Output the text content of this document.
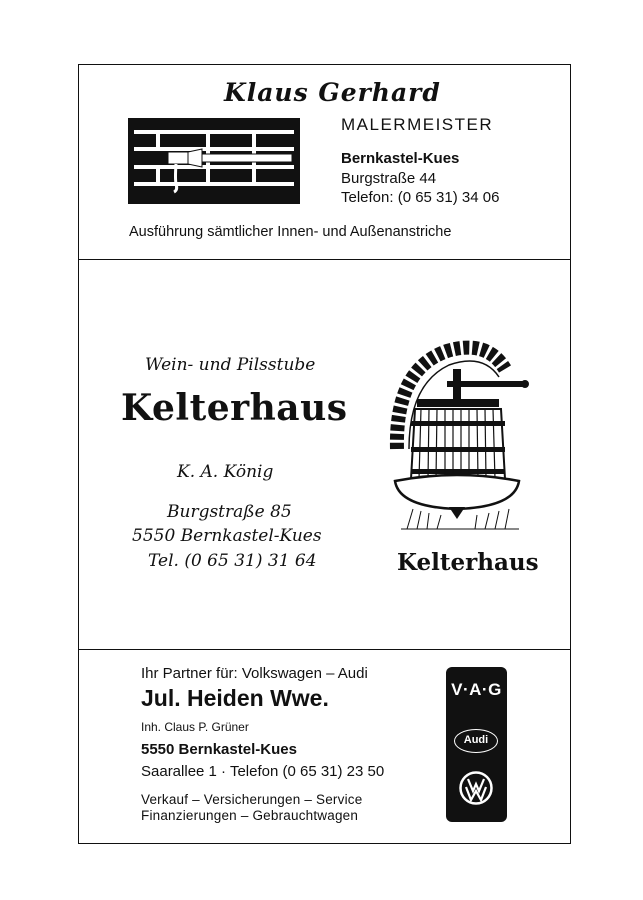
Klaus Gerhard
MALERMEISTER
Bernkastel-Kues
Burgstraße 44
Telefon: (0 65 31) 34 06
Ausführung sämtlicher Innen- und Außenanstriche
Wein- und Pilsstube
Kelterhaus
K. A. König
Burgstraße 85
5550 Bernkastel-Kues
Tel. (0 65 31) 31 64	Kelterhaus
Ihr Partner für: Volkswagen – Audi
Jul. Heiden Wwe.
Inh. Claus P. Grüner
5550 Bernkastel-Kues
Saarallee 1 · Telefon (0 65 31) 23 50
Verkauf – Versicherungen – Service
Finanzierungen – Gebrauchtwagen
V·A·G
Audi
